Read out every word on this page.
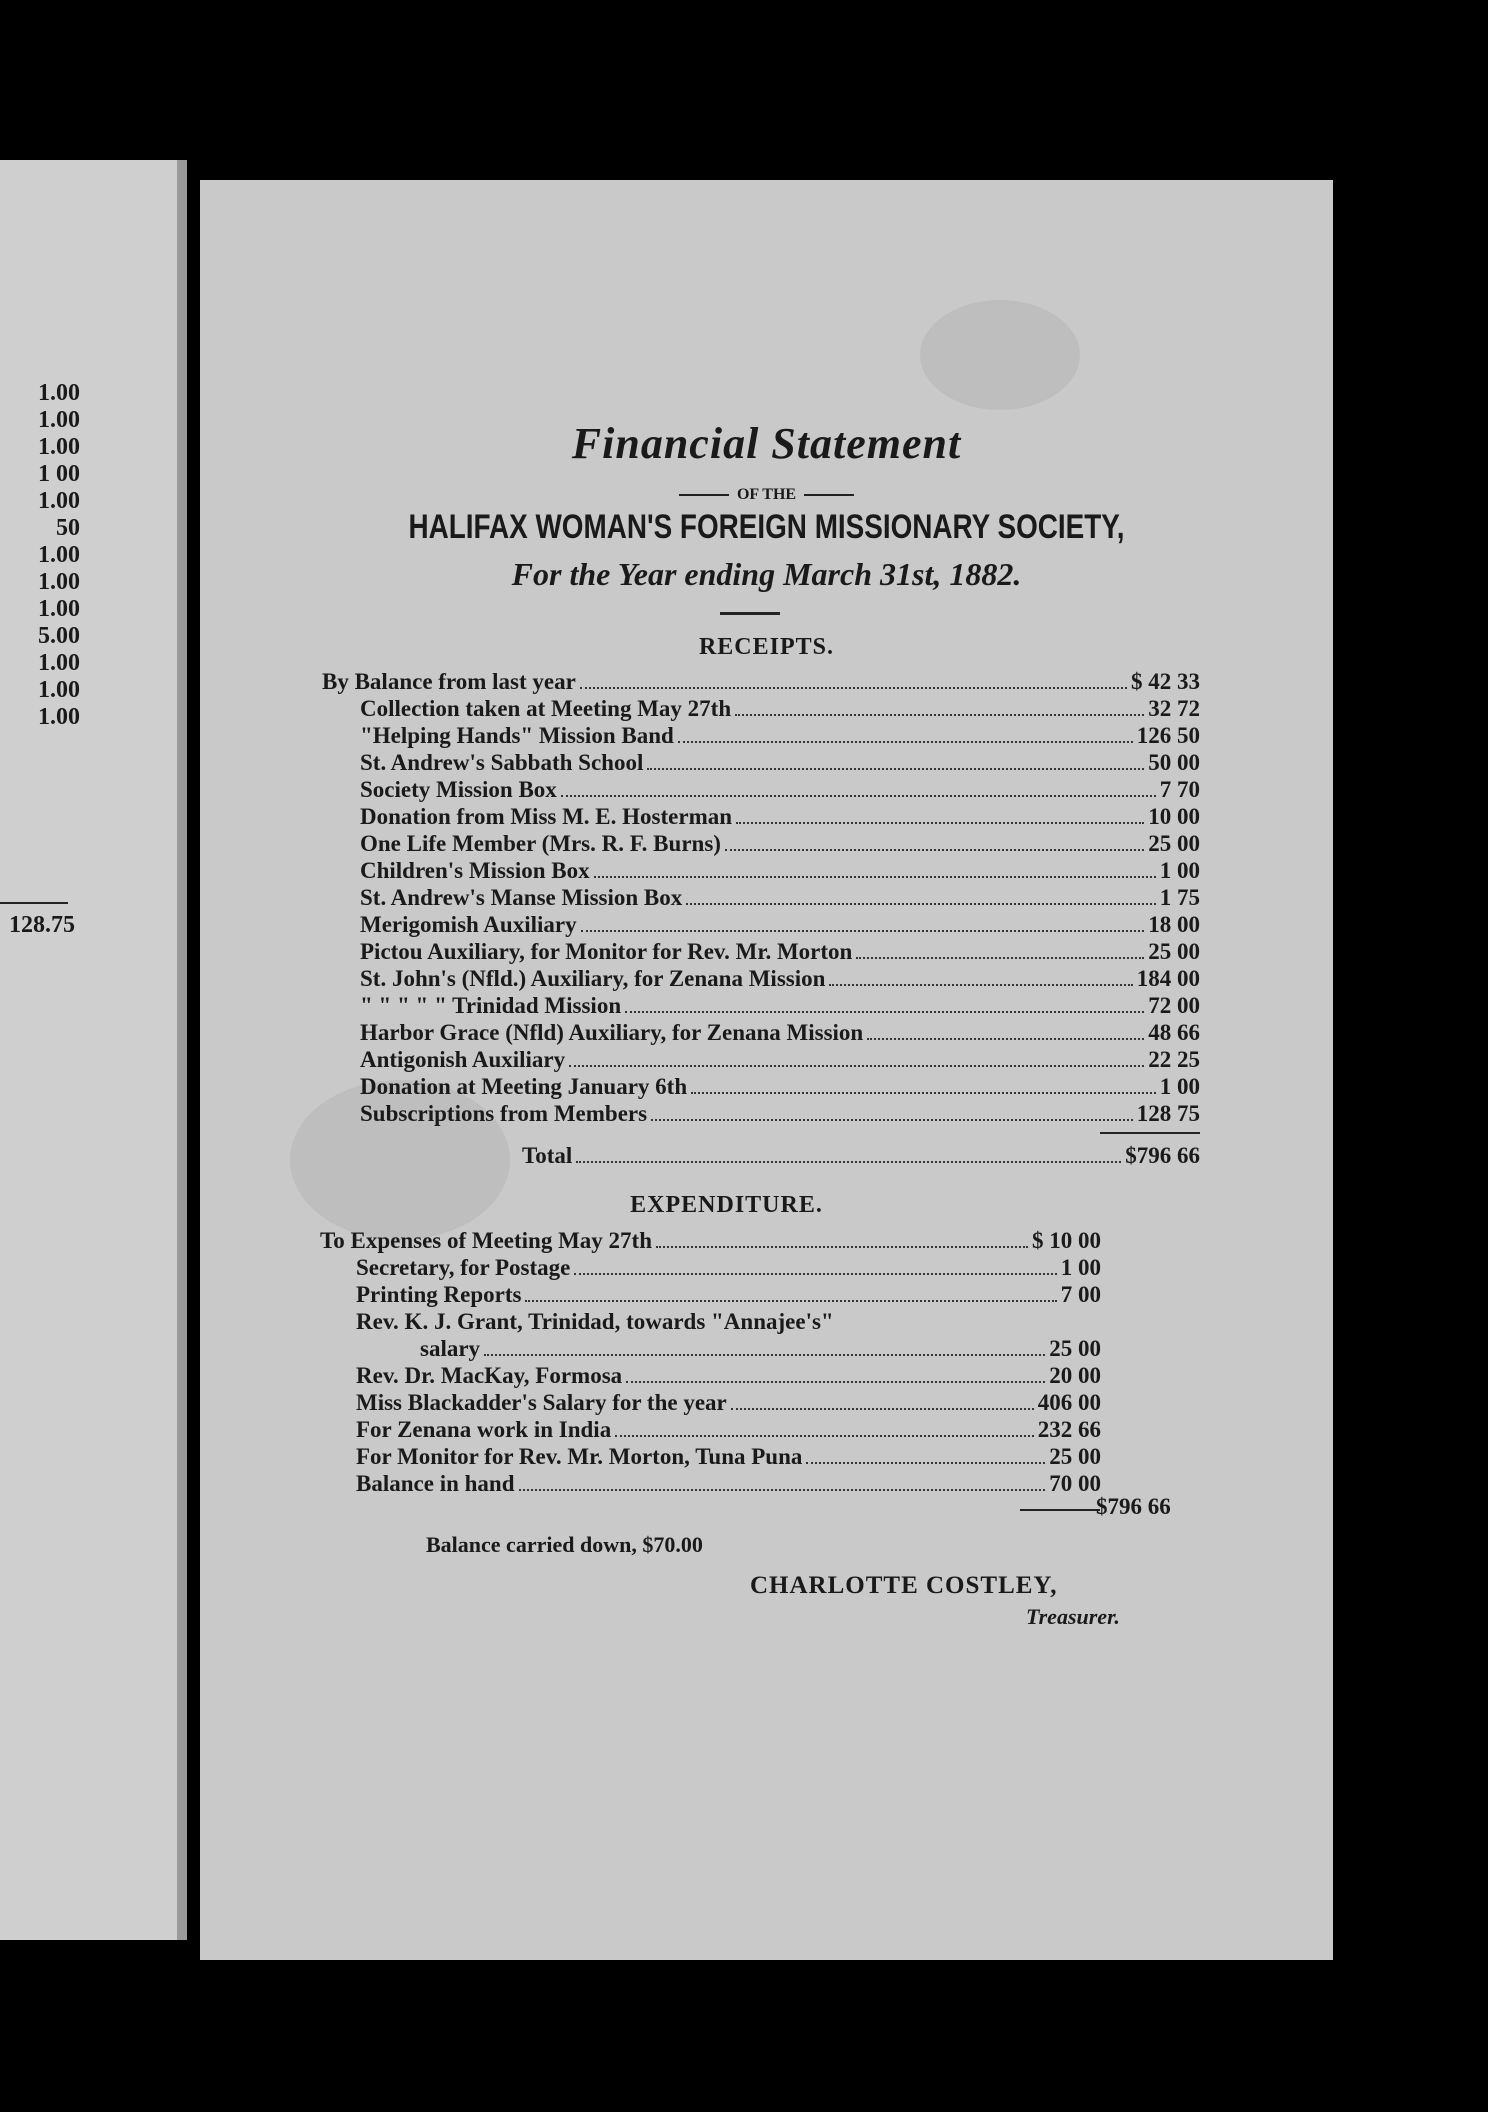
1.00
1.00
1.00
1 00
1.00
50
1.00
1.00
1.00
5.00
1.00
1.00
1.00
128.75
Financial Statement
OF THE
HALIFAX WOMAN'S FOREIGN MISSIONARY SOCIETY,
For the Year ending March 31st, 1882.
RECEIPTS.
By Balance from last year	$ 42 33
Collection taken at Meeting May 27th	32 72
"Helping Hands" Mission Band	126 50
St. Andrew's Sabbath School	50 00
Society Mission Box	7 70
Donation from Miss M. E. Hosterman	10 00
One Life Member (Mrs. R. F. Burns)	25 00
Children's Mission Box	1 00
St. Andrew's Manse Mission Box	1 75
Merigomish Auxiliary	18 00
Pictou Auxiliary, for Monitor for Rev. Mr. Morton	25 00
St. John's (Nfld.) Auxiliary, for Zenana Mission	184 00
" " " " " Trinidad Mission	72 00
Harbor Grace (Nfld) Auxiliary, for Zenana Mission	48 66
Antigonish Auxiliary	22 25
Donation at Meeting January 6th	1 00
Subscriptions from Members	128 75
Total	$796 66
EXPENDITURE.
To Expenses of Meeting May 27th	$ 10 00
Secretary, for Postage	1 00
Printing Reports	7 00
Rev. K. J. Grant, Trinidad, towards "Annajee's"
salary	25 00
Rev. Dr. MacKay, Formosa	20 00
Miss Blackadder's Salary for the year	406 00
For Zenana work in India	232 66
For Monitor for Rev. Mr. Morton, Tuna Puna	25 00
Balance in hand	70 00
$796 66
Balance carried down, $70.00
CHARLOTTE COSTLEY,
Treasurer.
